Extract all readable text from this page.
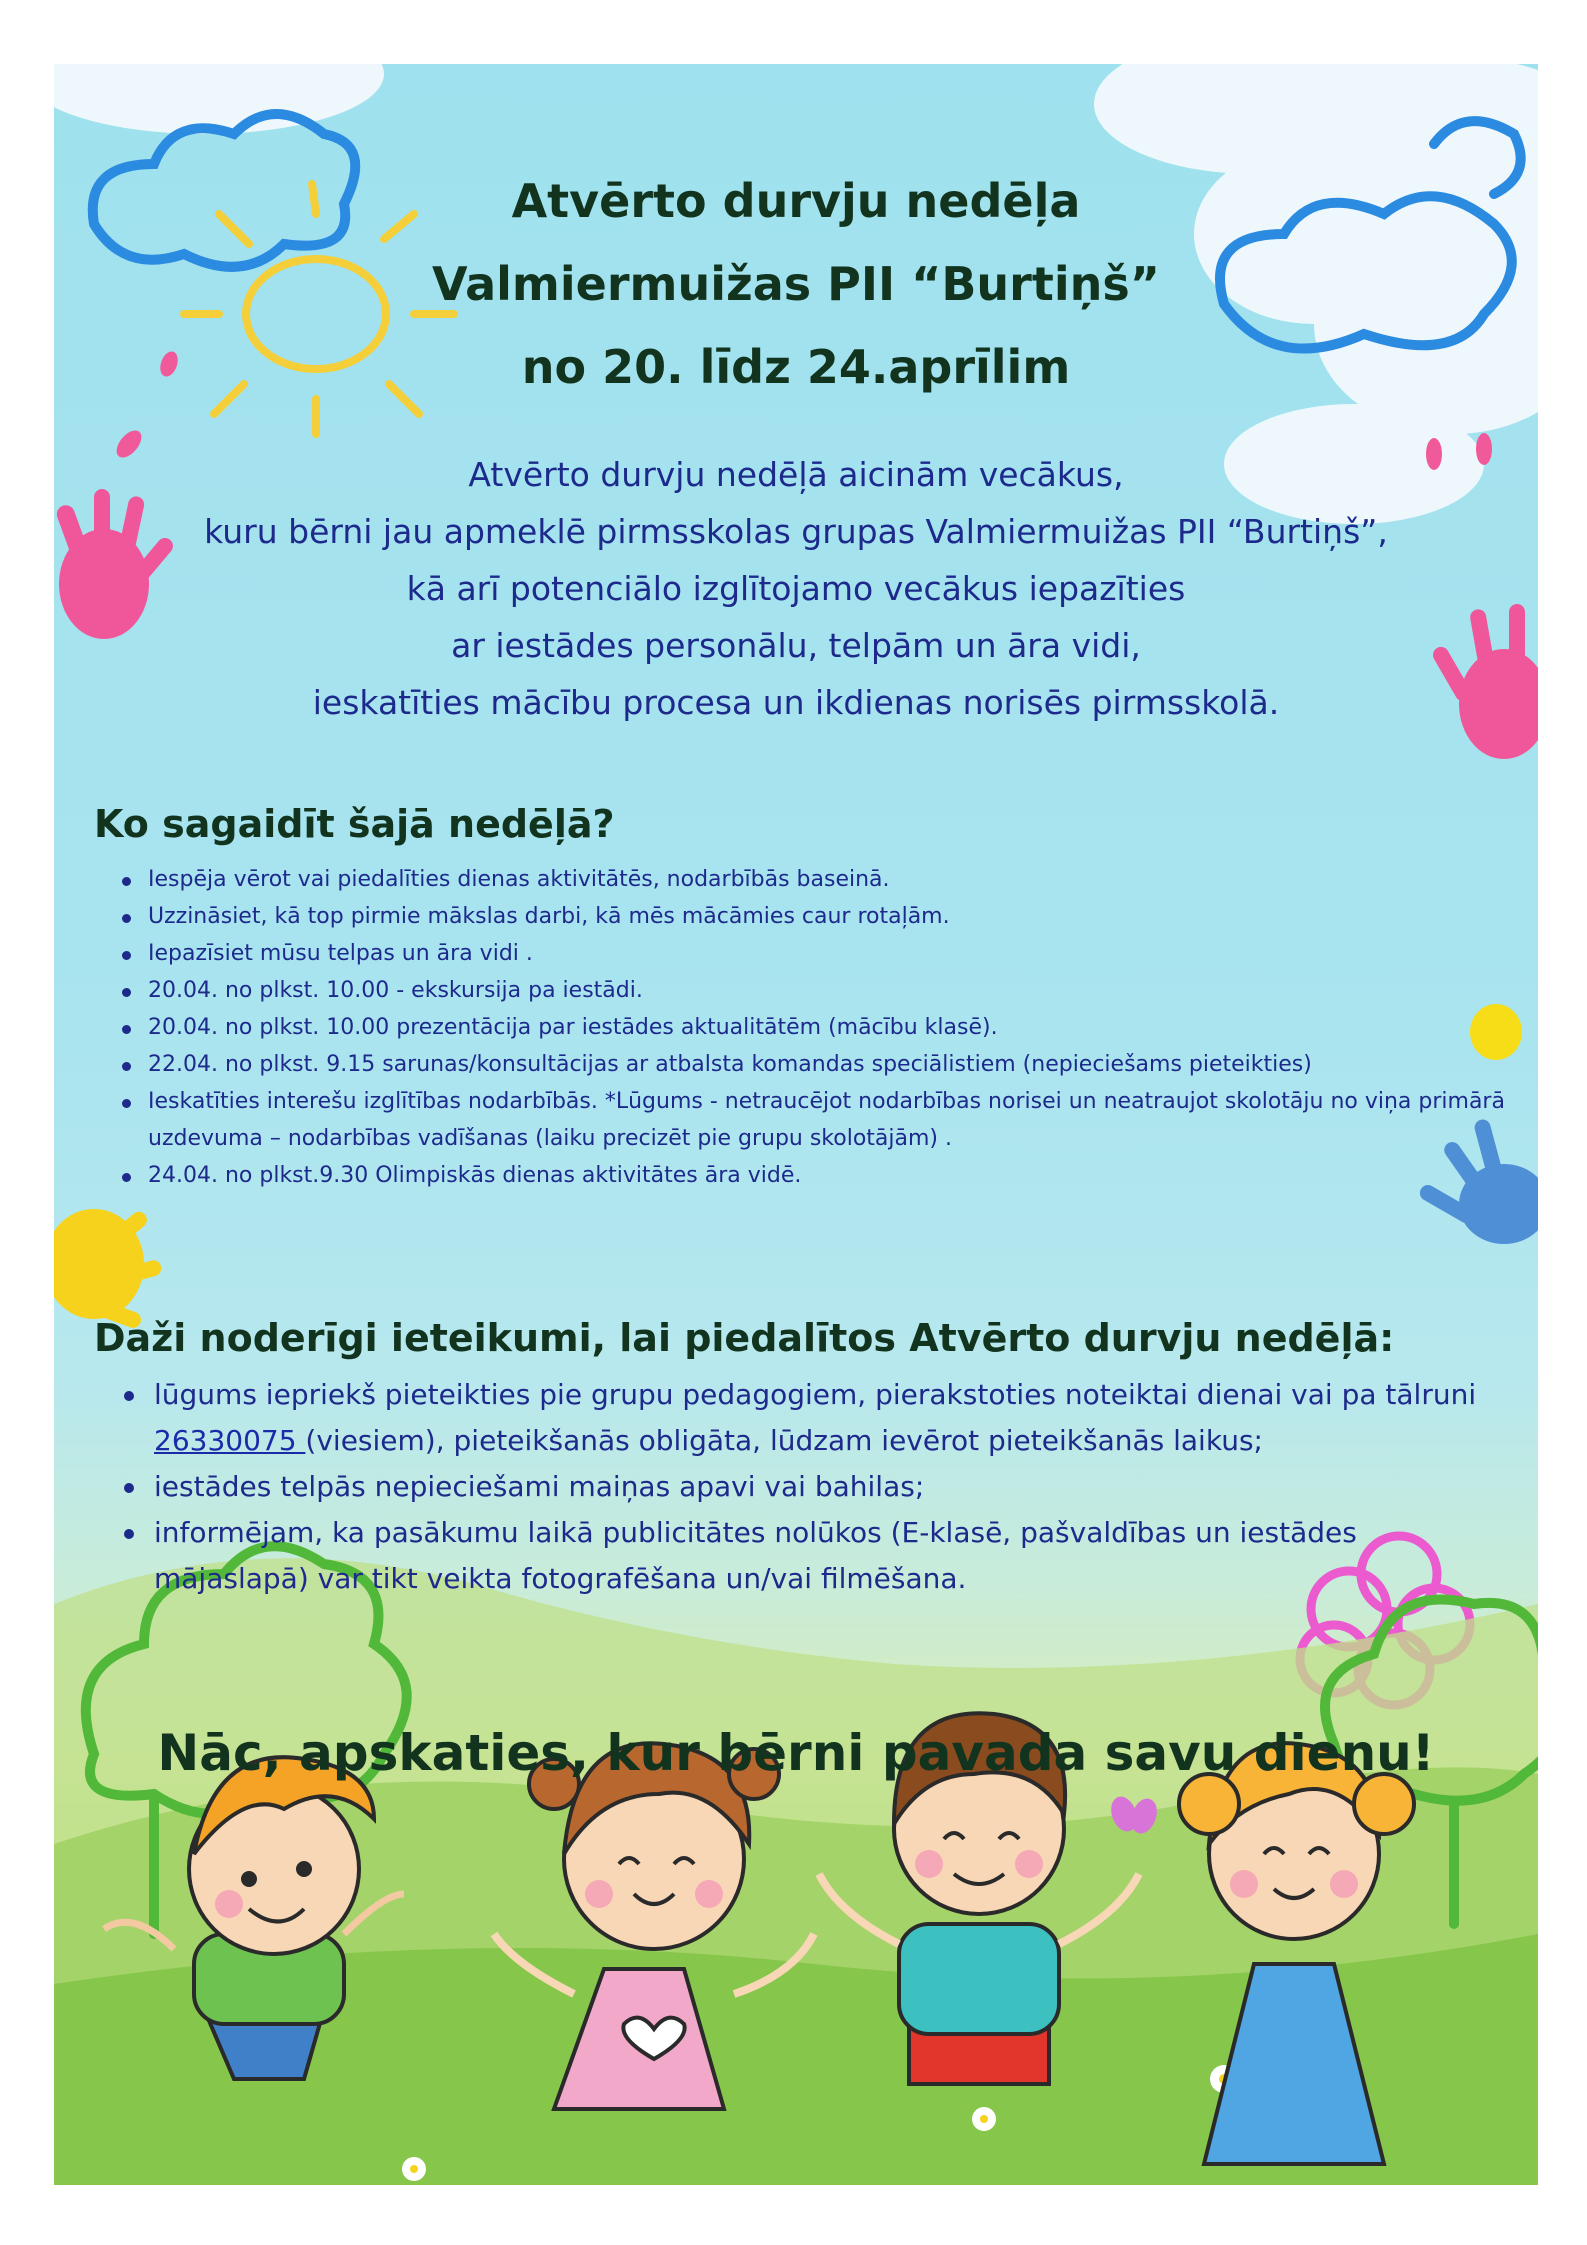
Atvērto durvju nedēļa
Valmiermuižas PII “Burtiņš”
no 20. līdz 24.aprīlim
Atvērto durvju nedēļā aicinām vecākus,
kuru bērni jau apmeklē pirmsskolas grupas Valmiermuižas PII “Burtiņš”,
kā arī potenciālo izglītojamo vecākus iepazīties
ar iestādes personālu, telpām un āra vidi,
ieskatīties mācību procesa un ikdienas norisēs pirmsskolā.
Ko sagaidīt šajā nedēļā?
Iespēja vērot vai piedalīties dienas aktivitātēs, nodarbībās baseinā.
Uzzināsiet, kā top pirmie mākslas darbi, kā mēs mācāmies caur rotaļām.
Iepazīsiet mūsu telpas un āra vidi .
20.04. no plkst. 10.00 - ekskursija pa iestādi.
20.04. no plkst. 10.00 prezentācija par iestādes aktualitātēm (mācību klasē).
22.04. no plkst. 9.15 sarunas/konsultācijas ar atbalsta komandas speciālistiem (nepieciešams pieteikties)
Ieskatīties interešu izglītības nodarbībās. *Lūgums - netraucējot nodarbības norisei un neatraujot skolotāju no viņa primārā uzdevuma – nodarbības vadīšanas (laiku precizēt pie grupu skolotājām) .
24.04. no plkst.9.30 Olimpiskās dienas aktivitātes āra vidē.
Daži noderīgi ieteikumi, lai piedalītos Atvērto durvju nedēļā:
lūgums iepriekš pieteikties pie grupu pedagogiem, pierakstoties noteiktai dienai vai pa tālruni 26330075 (viesiem), pieteikšanās obligāta, lūdzam ievērot pieteikšanās laikus;
iestādes telpās nepieciešami maiņas apavi vai bahilas;
informējam, ka pasākumu laikā publicitātes nolūkos (E-klasē, pašvaldības un iestādes mājaslapā) var tikt veikta fotografēšana un/vai filmēšana.
Nāc, apskaties, kur bērni pavada savu dienu!
